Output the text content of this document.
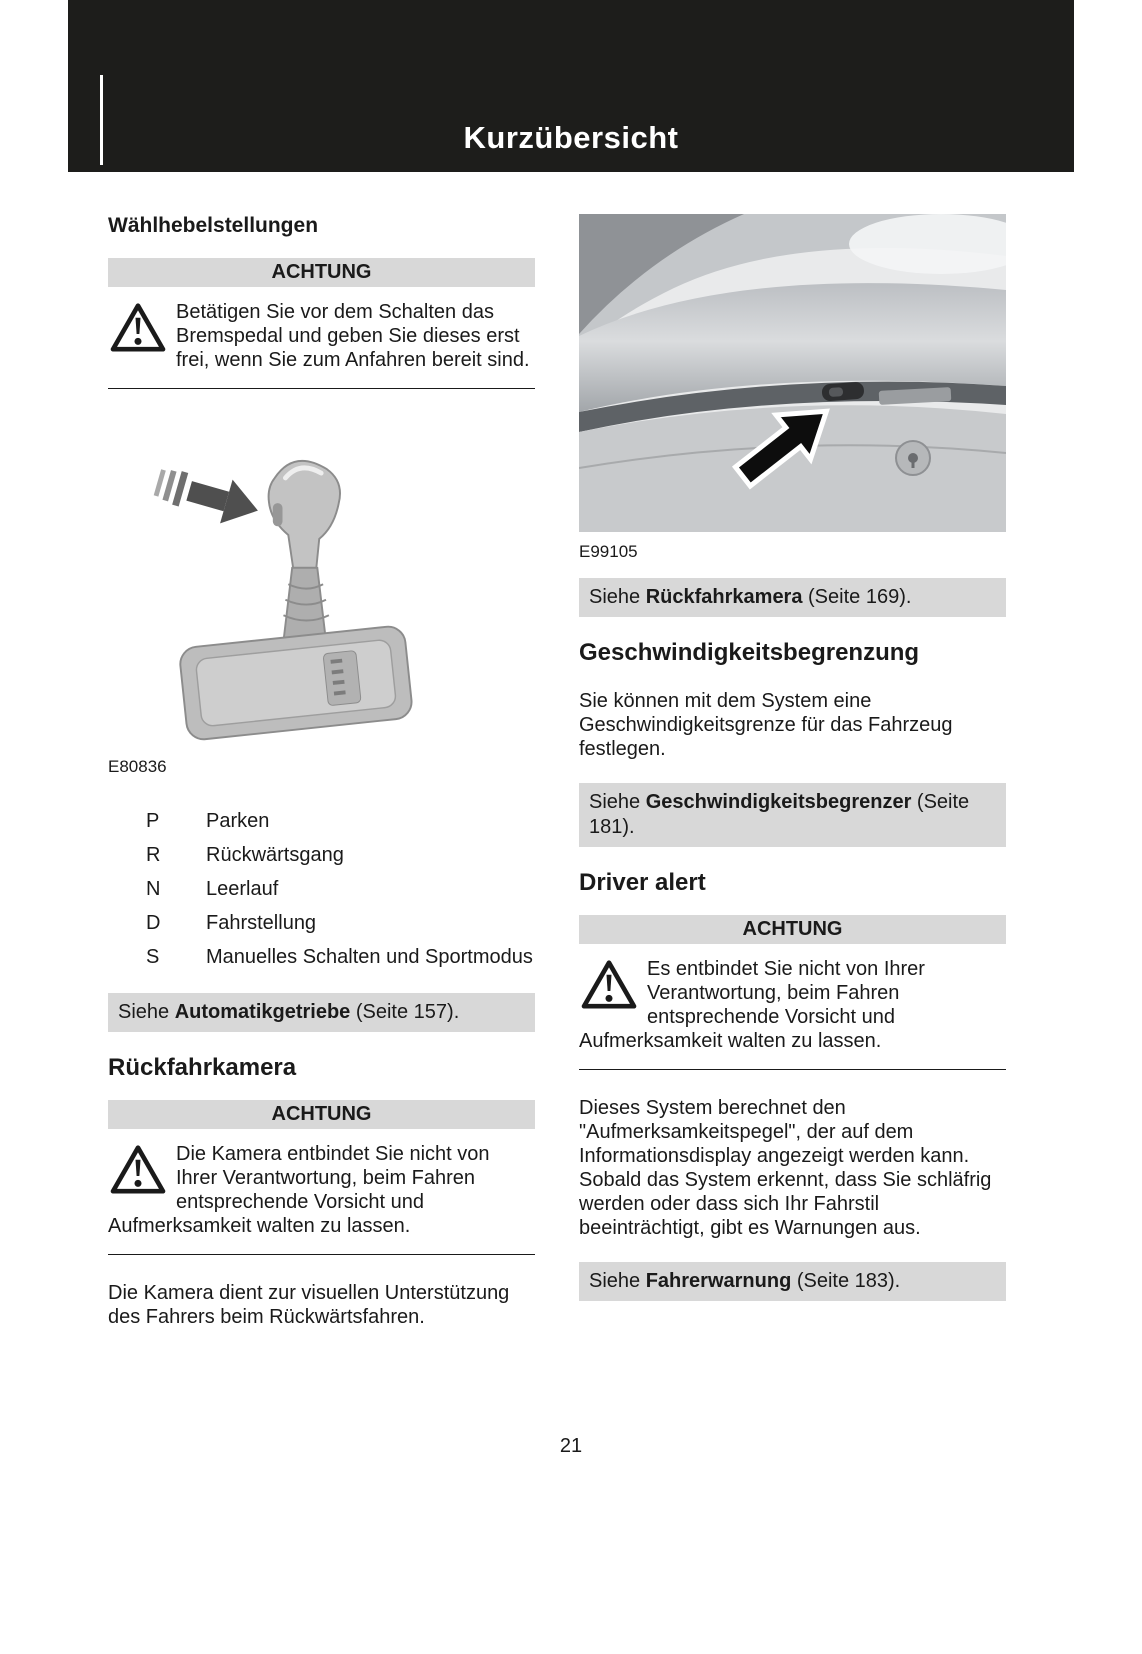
Kurzübersicht
Wählhebelstellungen
ACHTUNG

Betätigen Sie vor dem Schalten das Bremspedal und geben Sie dieses erst frei, wenn Sie zum Anfahren bereit sind.

E80836
P	Parken
R	Rückwärtsgang
N	Leerlauf
D	Fahrstellung
S	Manuelles Schalten und Sportmodus
Siehe Automatikgetriebe (Seite 157).
Rückfahrkamera
ACHTUNG

Die Kamera entbindet Sie nicht von Ihrer Verantwortung, beim Fahren entsprechende Vorsicht und Aufmerksamkeit walten zu lassen.

Die Kamera dient zur visuellen Unterstützung des Fahrers beim Rückwärtsfahren.

E99105
Siehe Rückfahrkamera (Seite 169).
Geschwindigkeitsbegrenzung

Sie können mit dem System eine Geschwindigkeitsgrenze für das Fahrzeug festlegen.

Siehe Geschwindigkeitsbegrenzer (Seite 181).
Driver alert
ACHTUNG

Es entbindet Sie nicht von Ihrer Verantwortung, beim Fahren entsprechende Vorsicht und Aufmerksamkeit walten zu lassen.

Dieses System berechnet den "Aufmerksamkeitspegel", der auf dem Informationsdisplay angezeigt werden kann. Sobald das System erkennt, dass Sie schläfrig werden oder dass sich Ihr Fahrstil beeinträchtigt, gibt es Warnungen aus.

Siehe Fahrerwarnung (Seite 183).
21
